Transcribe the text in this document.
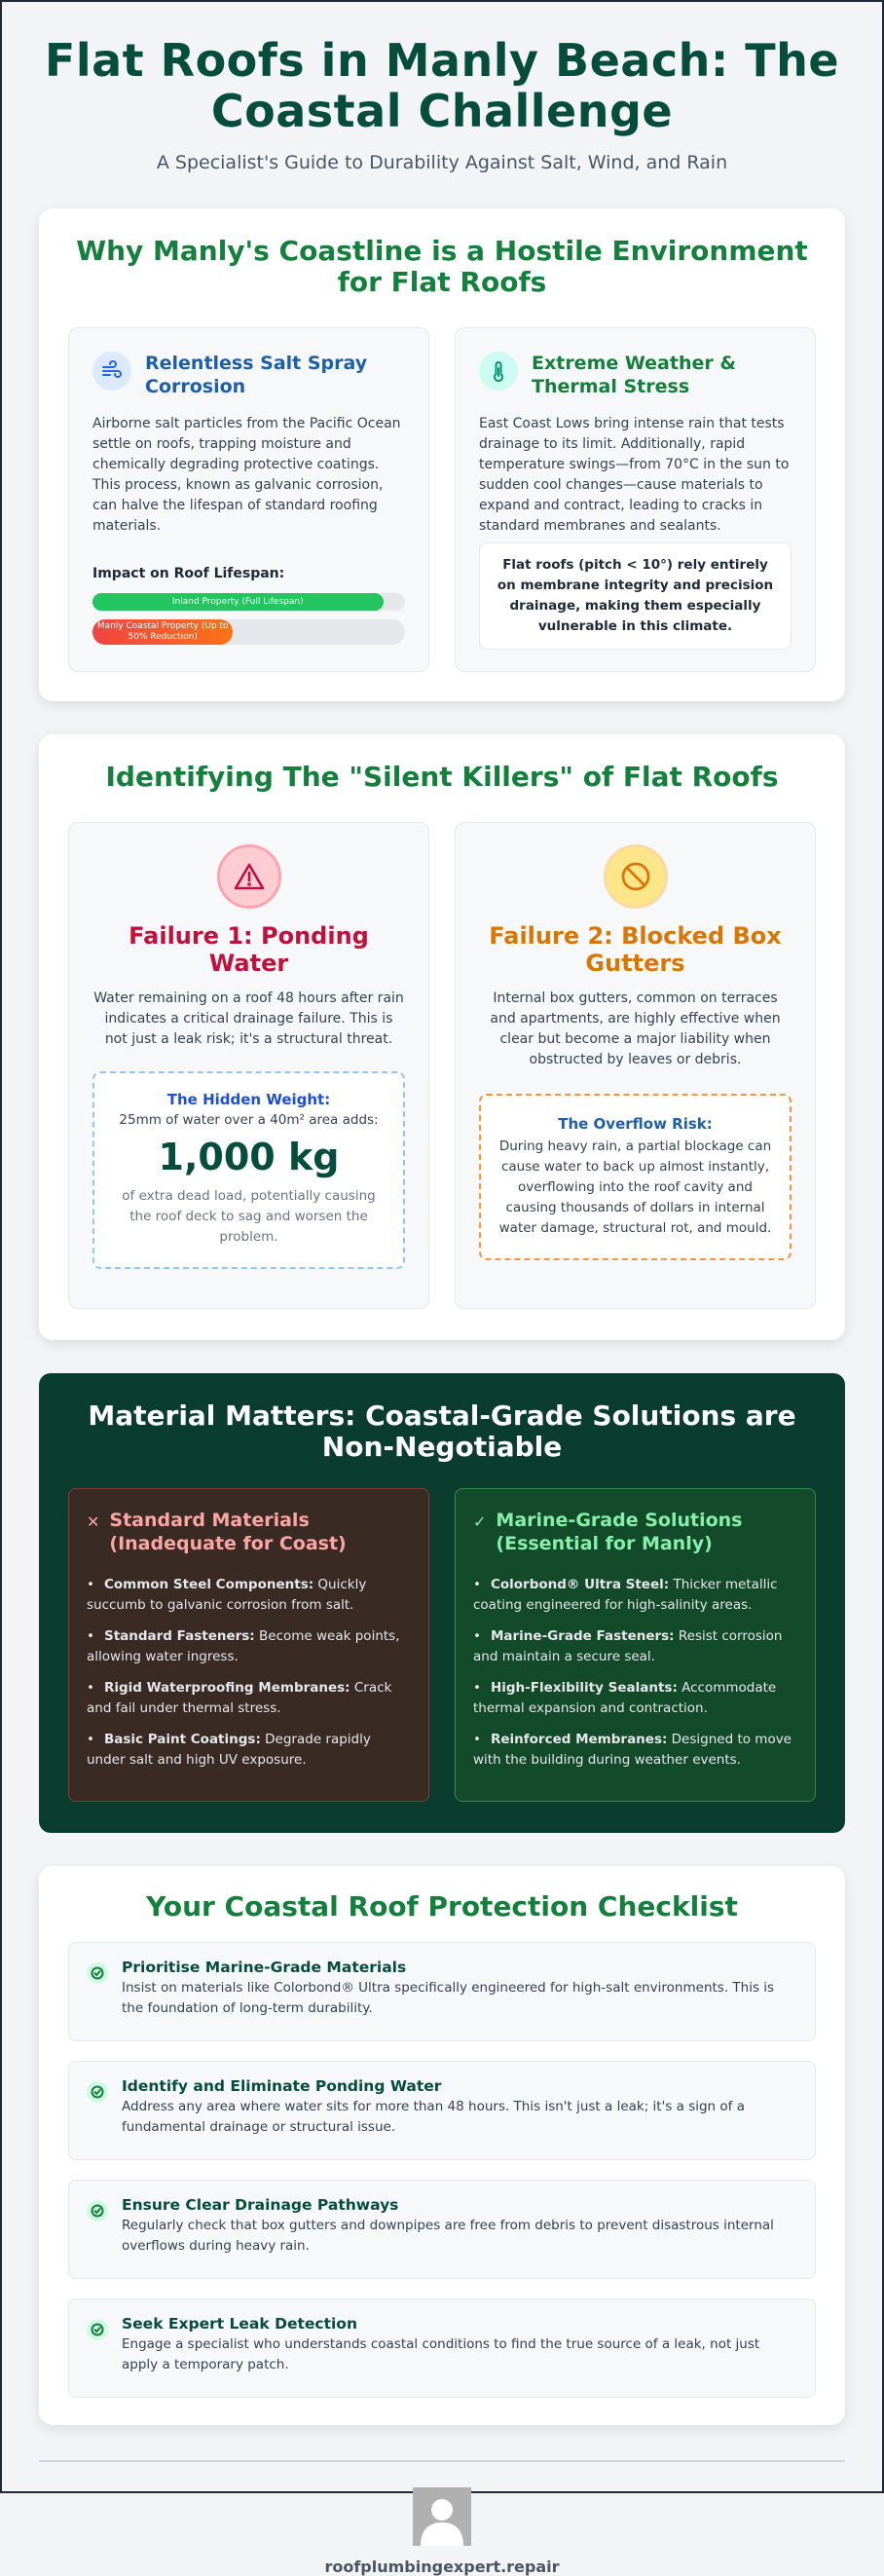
Flat Roofs in Manly Beach: The Coastal Challenge

A Specialist's Guide to Durability Against Salt, Wind, and Rain

Why Manly's Coastline is a Hostile Environment for Flat Roofs
Relentless Salt Spray Corrosion

Airborne salt particles from the Pacific Ocean settle on roofs, trapping moisture and chemically degrading protective coatings. This process, known as galvanic corrosion, can halve the lifespan of standard roofing materials.

Impact on Roof Lifespan:

Inland Property (Full Lifespan)
Manly Coastal Property (Up to 50% Reduction)
Extreme Weather & Thermal Stress

East Coast Lows bring intense rain that tests drainage to its limit. Additionally, rapid temperature swings—from 70°C in the sun to sudden cool changes—cause materials to expand and contract, leading to cracks in standard membranes and sealants.

Flat roofs (pitch < 10°) rely entirely on membrane integrity and precision drainage, making them especially vulnerable in this climate.
Identifying The "Silent Killers" of Flat Roofs
Failure 1: Ponding Water

Water remaining on a roof 48 hours after rain indicates a critical drainage failure. This is not just a leak risk; it's a structural threat.

The Hidden Weight:
25mm of water over a 40m² area adds:
1,000 kg
of extra dead load, potentially causing the roof deck to sag and worsen the problem.
Failure 2: Blocked Box Gutters

Internal box gutters, common on terraces and apartments, are highly effective when clear but become a major liability when obstructed by leaves or debris.

The Overflow Risk:
During heavy rain, a partial blockage can cause water to back up almost instantly, overflowing into the roof cavity and causing thousands of dollars in internal water damage, structural rot, and mould.
Material Matters: Coastal-Grade Solutions are Non-Negotiable
✕ Standard Materials (Inadequate for Coast)
• Common Steel Components: Quickly succumb to galvanic corrosion from salt.
• Standard Fasteners: Become weak points, allowing water ingress.
• Rigid Waterproofing Membranes: Crack and fail under thermal stress.
• Basic Paint Coatings: Degrade rapidly under salt and high UV exposure.
✓ Marine-Grade Solutions (Essential for Manly)
• Colorbond® Ultra Steel: Thicker metallic coating engineered for high-salinity areas.
• Marine-Grade Fasteners: Resist corrosion and maintain a secure seal.
• High-Flexibility Sealants: Accommodate thermal expansion and contraction.
• Reinforced Membranes: Designed to move with the building during weather events.
Your Coastal Roof Protection Checklist
Prioritise Marine-Grade Materials
Insist on materials like Colorbond® Ultra specifically engineered for high-salt environments. This is the foundation of long-term durability.
Identify and Eliminate Ponding Water
Address any area where water sits for more than 48 hours. This isn't just a leak; it's a sign of a fundamental drainage or structural issue.
Ensure Clear Drainage Pathways
Regularly check that box gutters and downpipes are free from debris to prevent disastrous internal overflows during heavy rain.
Seek Expert Leak Detection
Engage a specialist who understands coastal conditions to find the true source of a leak, not just apply a temporary patch.
roofplumbingexpert.repair
